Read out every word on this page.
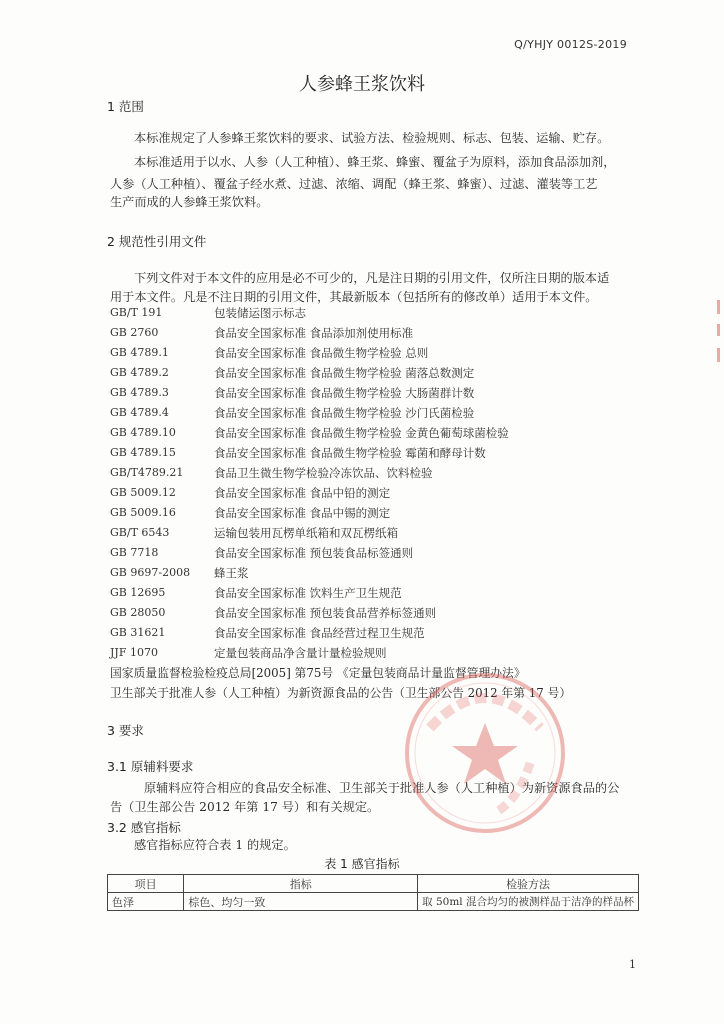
Q/YHJY 0012S-2019
人参蜂王浆饮料
1 范围
本标准规定了人参蜂王浆饮料的要求、试验方法、检验规则、标志、包装、运输、贮存。
本标准适用于以水、人参（人工种植）、蜂王浆、蜂蜜、覆盆子为原料，添加食品添加剂，
人参（人工种植）、覆盆子经水煮、过滤、浓缩、调配（蜂王浆、蜂蜜）、过滤、灌装等工艺
生产而成的人参蜂王浆饮料。
2 规范性引用文件
下列文件对于本文件的应用是必不可少的，凡是注日期的引用文件，仅所注日期的版本适
用于本文件。凡是不注日期的引用文件，其最新版本（包括所有的修改单）适用于本文件。
GB/T 191	包装储运图示标志
GB 2760	食品安全国家标准 食品添加剂使用标准
GB 4789.1	食品安全国家标准 食品微生物学检验 总则
GB 4789.2	食品安全国家标准 食品微生物学检验 菌落总数测定
GB 4789.3	食品安全国家标准 食品微生物学检验 大肠菌群计数
GB 4789.4	食品安全国家标准 食品微生物学检验 沙门氏菌检验
GB 4789.10	食品安全国家标准 食品微生物学检验 金黄色葡萄球菌检验
GB 4789.15	食品安全国家标准 食品微生物学检验 霉菌和酵母计数
GB/T4789.21	食品卫生微生物学检验冷冻饮品、饮料检验
GB 5009.12	食品安全国家标准 食品中铅的测定
GB 5009.16	食品安全国家标准 食品中锡的测定
GB/T 6543	运输包装用瓦楞单纸箱和双瓦楞纸箱
GB 7718	食品安全国家标准 预包装食品标签通则
GB 9697-2008 蜂王浆
GB 12695	食品安全国家标准 饮料生产卫生规范
GB 28050	食品安全国家标准 预包装食品营养标签通则
GB 31621	食品安全国家标准 食品经营过程卫生规范
JJF 1070	定量包装商品净含量计量检验规则
国家质量监督检验检疫总局[2005] 第75号 《定量包装商品计量监督管理办法》
卫生部关于批准人参（人工种植）为新资源食品的公告（卫生部公告 2012 年第 17 号）
3 要求
3.1 原辅料要求
原辅料应符合相应的食品安全标准、卫生部关于批准人参（人工种植）为新资源食品的公
告（卫生部公告 2012 年第 17 号）和有关规定。
3.2 感官指标
感官指标应符合表 1 的规定。
表 1 感官指标
项目	指标	检验方法
色泽	棕色、均匀一致	取 50ml 混合均匀的被测样品于洁净的样品杯
1
